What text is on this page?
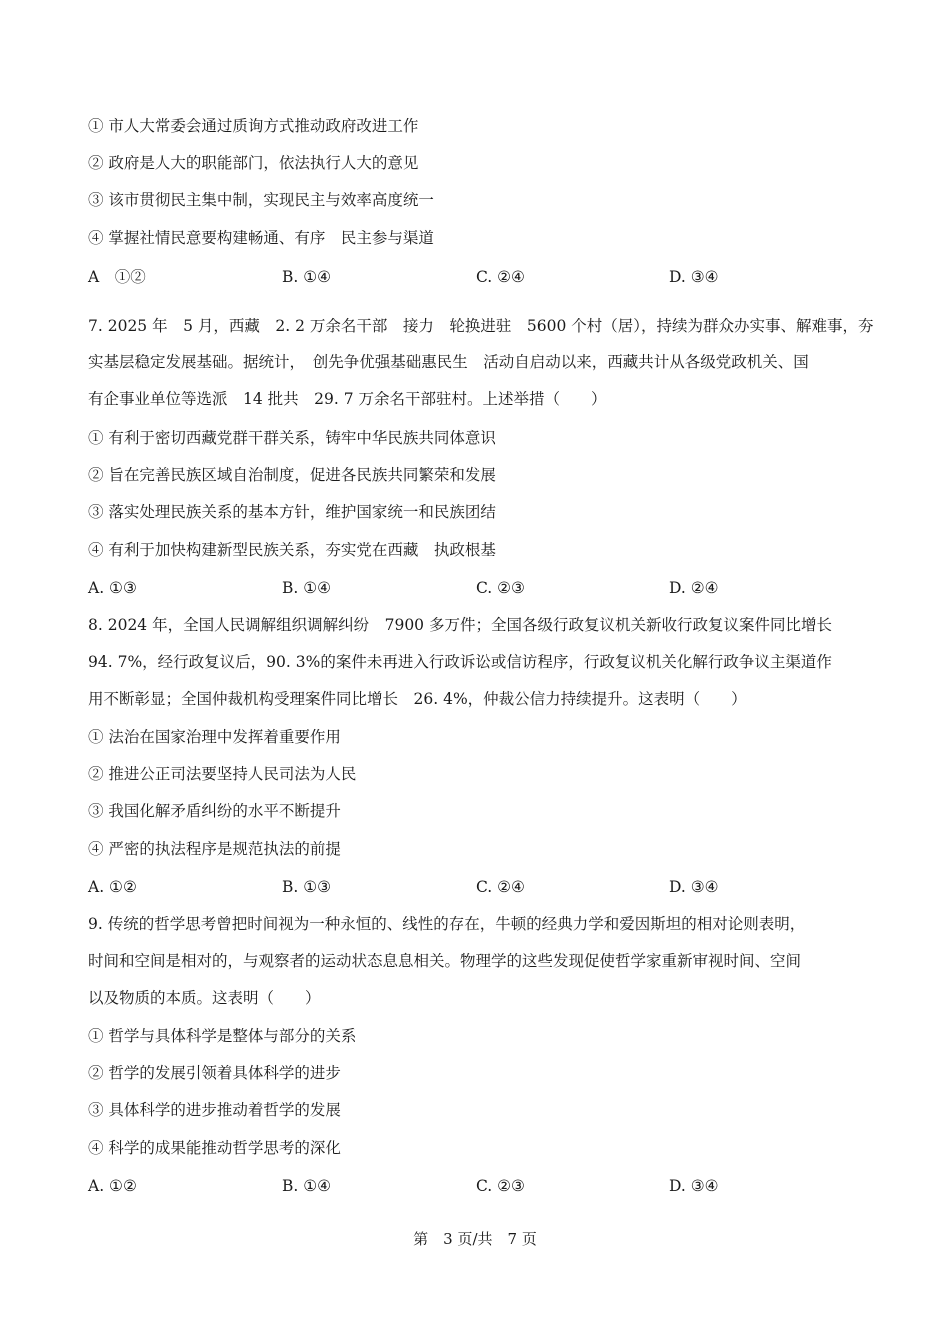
① 市人大常委会通过质询方式推动政府改进工作
② 政府是人大的职能部门，依法执行人大的意见
③ 该市贯彻民主集中制，实现民主与效率高度统一
④ 掌握社情民意要构建畅通、有序　民主参与渠道
A　①②	B. ①④	C. ②④	D. ③④
7. 2025 年　5 月，西藏　2. 2 万余名干部　接力　轮换进驻　5600 个村（居），持续为群众办实事、解难事，夯
实基层稳定发展基础。据统计，　创先争优强基础惠民生　活动自启动以来，西藏共计从各级党政机关、国
有企事业单位等选派　14 批共　29. 7 万余名干部驻村。上述举措（　　）
① 有利于密切西藏党群干群关系，铸牢中华民族共同体意识
② 旨在完善民族区域自治制度，促进各民族共同繁荣和发展
③ 落实处理民族关系的基本方针，维护国家统一和民族团结
④ 有利于加快构建新型民族关系，夯实党在西藏　执政根基
A. ①③	B. ①④	C. ②③	D. ②④
8. 2024 年，全国人民调解组织调解纠纷　7900 多万件；全国各级行政复议机关新收行政复议案件同比增长
94. 7%，经行政复议后，90. 3%的案件未再进入行政诉讼或信访程序，行政复议机关化解行政争议主渠道作
用不断彰显；全国仲裁机构受理案件同比增长　26. 4%，仲裁公信力持续提升。这表明（　　）
① 法治在国家治理中发挥着重要作用
② 推进公正司法要坚持人民司法为人民
③ 我国化解矛盾纠纷的水平不断提升
④ 严密的执法程序是规范执法的前提
A. ①②	B. ①③	C. ②④	D. ③④
9. 传统的哲学思考曾把时间视为一种永恒的、线性的存在，牛顿的经典力学和爱因斯坦的相对论则表明，
时间和空间是相对的，与观察者的运动状态息息相关。物理学的这些发现促使哲学家重新审视时间、空间
以及物质的本质。这表明（　　）
① 哲学与具体科学是整体与部分的关系
② 哲学的发展引领着具体科学的进步
③ 具体科学的进步推动着哲学的发展
④ 科学的成果能推动哲学思考的深化
A. ①②	B. ①④	C. ②③	D. ③④
第　3 页/共　7 页
